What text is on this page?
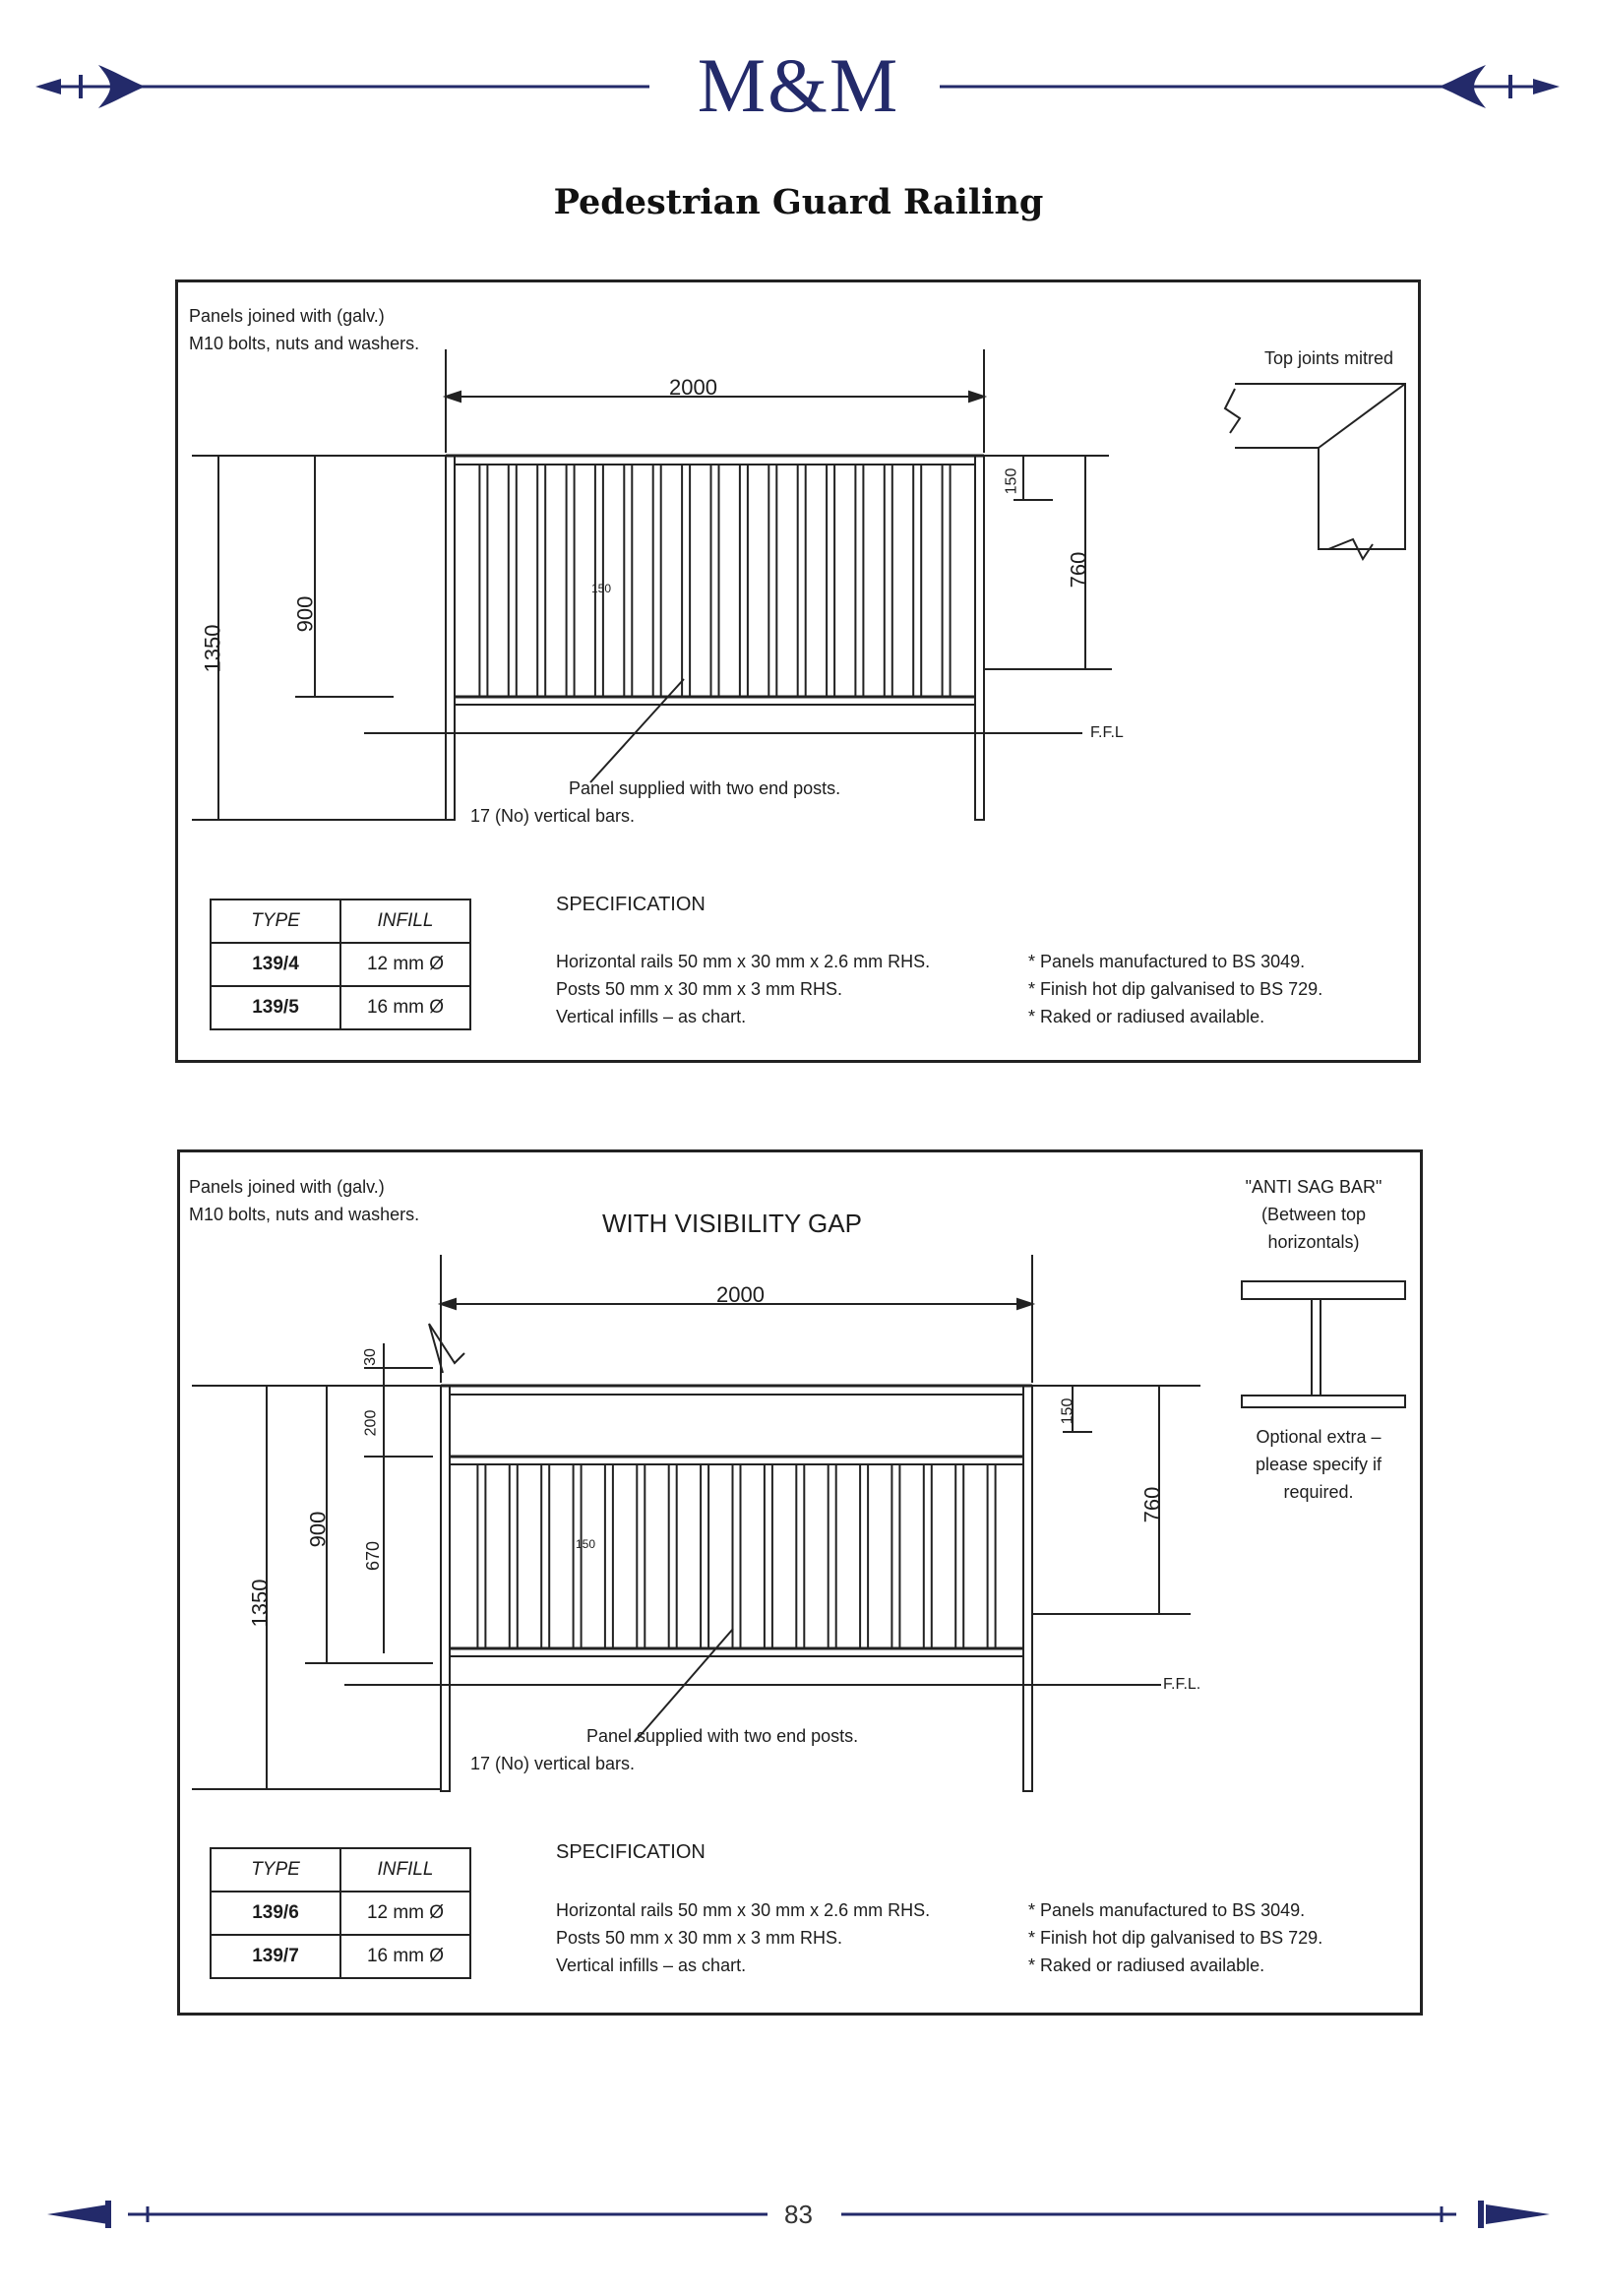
M&M
Pedestrian Guard Railing
Panels joined with (galv.)
M10 bolts, nuts and washers.
Top joints mitred
2000
1350
900
150
760
150
F.F.L
Panel supplied with two end posts.
17 (No) vertical bars.
TYPE	INFILL
139/4	12 mm Ø
139/5	16 mm Ø
SPECIFICATION
Horizontal rails 50 mm x 30 mm x 2.6 mm RHS.
Posts 50 mm x 30 mm x 3 mm RHS.
Vertical infills – as chart.
* Panels manufactured to BS 3049.
* Finish hot dip galvanised to BS 729.
* Raked or radiused available.
Panels joined with (galv.)
M10 bolts, nuts and washers.	WITH VISIBILITY GAP
"ANTI SAG BAR"
(Between top
horizontals)
Optional extra –
please specify if
required.
2000
1350
900
30
200
670
150
760
150
F.F.L.
Panel supplied with two end posts.
17 (No) vertical bars.
TYPE	INFILL
139/6	12 mm Ø
139/7	16 mm Ø
SPECIFICATION
Horizontal rails 50 mm x 30 mm x 2.6 mm RHS.
Posts 50 mm x 30 mm x 3 mm RHS.
Vertical infills – as chart.
* Panels manufactured to BS 3049.
* Finish hot dip galvanised to BS 729.
* Raked or radiused available.
83
